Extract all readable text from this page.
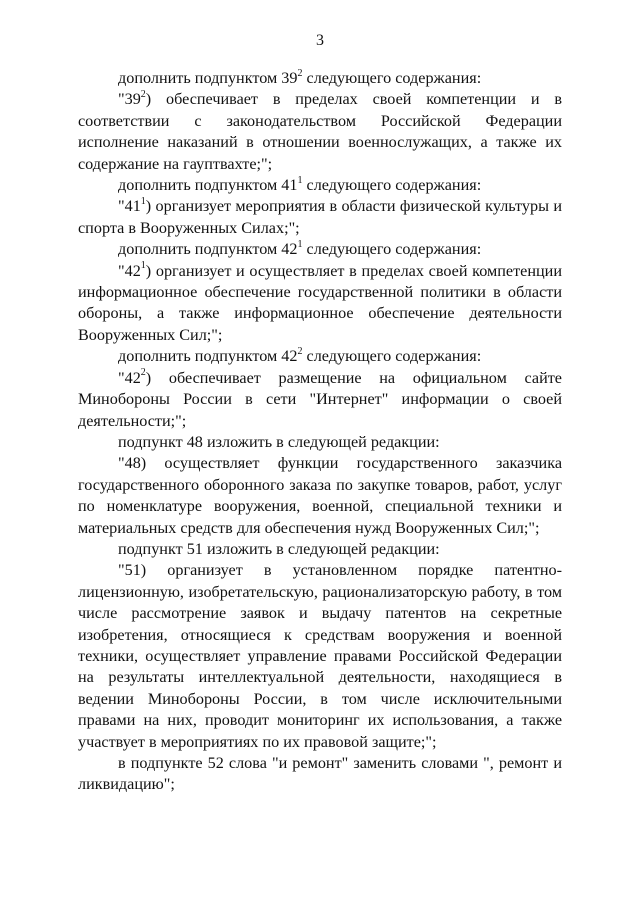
3

дополнить подпунктом $39^2$ следующего содержания:

"$39^2$) обеспечивает в пределах своей компетенции и в соответствии с законодательством Российской Федерации исполнение наказаний в отношении военнослужащих, а также их содержание на гауптвахте;";

дополнить подпунктом $41^1$ следующего содержания:

"$41^1$) организует мероприятия в области физической культуры и спорта в Вооруженных Силах;";

дополнить подпунктом $42^1$ следующего содержания:

"$42^1$) организует и осуществляет в пределах своей компетенции информационное обеспечение государственной политики в области обороны, а также информационное обеспечение деятельности Вооруженных Сил;";

дополнить подпунктом $42^2$ следующего содержания:

"$42^2$) обеспечивает размещение на официальном сайте Минобороны России в сети "Интернет" информации о своей деятельности;";

подпункт 48 изложить в следующей редакции:

"48) осуществляет функции государственного заказчика государственного оборонного заказа по закупке товаров, работ, услуг по номенклатуре вооружения, военной, специальной техники и материальных средств для обеспечения нужд Вооруженных Сил;";

подпункт 51 изложить в следующей редакции:

"51) организует в установленном порядке патентно-лицензионную, изобретательскую, рационализаторскую работу, в том числе рассмотрение заявок и выдачу патентов на секретные изобретения, относящиеся к средствам вооружения и военной техники, осуществляет управление правами Российской Федерации на результаты интеллектуальной деятельности, находящиеся в ведении Минобороны России, в том числе исключительными правами на них, проводит мониторинг их использования, а также участвует в мероприятиях по их правовой защите;";

в подпункте 52 слова "и ремонт" заменить словами ", ремонт и ликвидацию";
